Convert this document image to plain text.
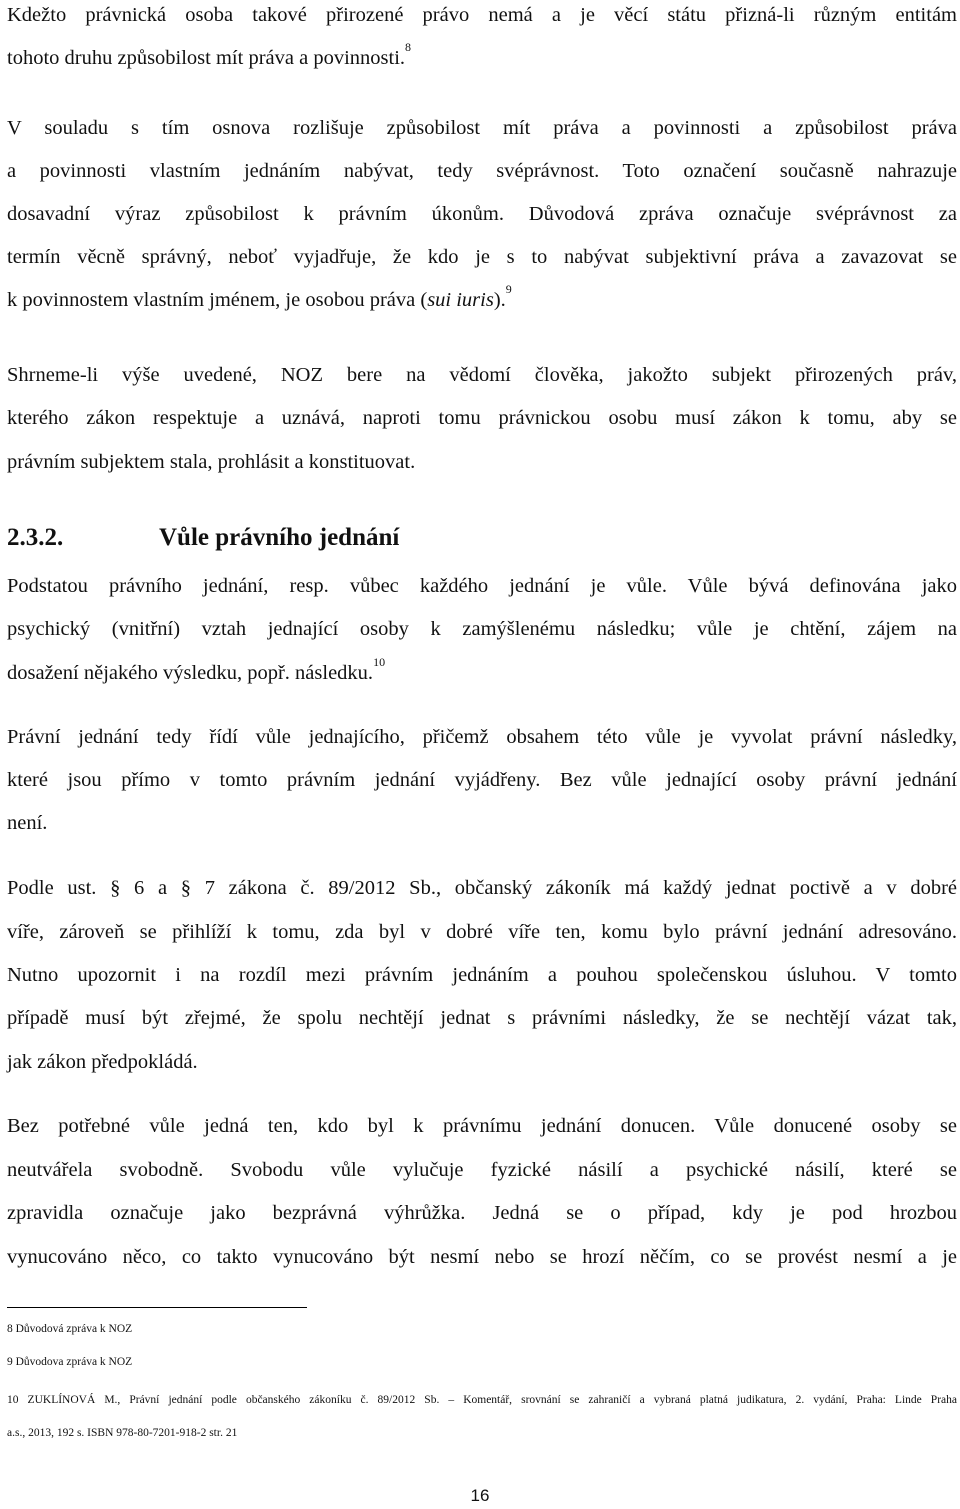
Kdežto právnická osoba takové přirozené právo nemá a je věcí státu přizná-li různým entitám
tohoto druhu způsobilost mít práva a povinnosti.$^8$
V souladu s tím osnova rozlišuje způsobilost mít práva a povinnosti a způsobilost práva
a povinnosti vlastním jednáním nabývat, tedy svéprávnost. Toto označení současně nahrazuje
dosavadní výraz způsobilost k právním úkonům. Důvodová zpráva označuje svéprávnost za
termín věcně správný, neboť vyjadřuje, že kdo je s to nabývat subjektivní práva a zavazovat se
k povinnostem vlastním jménem, je osobou práva (sui iuris).$^9$
Shrneme-li výše uvedené, NOZ bere na vědomí člověka, jakožto subjekt přirozených práv,
kterého zákon respektuje a uznává, naproti tomu právnickou osobu musí zákon k tomu, aby se
právním subjektem stala, prohlásit a konstituovat.
2.3.2.	Vůle právního jednání
Podstatou právního jednání, resp. vůbec každého jednání je vůle. Vůle bývá definována jako
psychický (vnitřní) vztah jednající osoby k zamýšlenému následku; vůle je chtění, zájem na
dosažení nějakého výsledku, popř. následku.$^{10}$
Právní jednání tedy řídí vůle jednajícího, přičemž obsahem této vůle je vyvolat právní následky,
které jsou přímo v tomto právním jednání vyjádřeny. Bez vůle jednající osoby právní jednání
není.
Podle ust. § 6 a § 7 zákona č. 89/2012 Sb., občanský zákoník má každý jednat poctivě a v dobré
víře, zároveň se přihlíží k tomu, zda byl v dobré víře ten, komu bylo právní jednání adresováno.
Nutno upozornit i na rozdíl mezi právním jednáním a pouhou společenskou úsluhou. V tomto
případě musí být zřejmé, že spolu nechtějí jednat s právními následky, že se nechtějí vázat tak,
jak zákon předpokládá.
Bez potřebné vůle jedná ten, kdo byl k právnímu jednání donucen. Vůle donucené osoby se
neutvářela svobodně. Svobodu vůle vylučuje fyzické násilí a psychické násilí, které se
zpravidla označuje jako bezprávná výhrůžka. Jedná se o případ, kdy je pod hrozbou
vynucováno něco, co takto vynucováno být nesmí nebo se hrozí něčím, co se provést nesmí a je
8 Důvodová zpráva k NOZ
9 Důvodova zpráva k NOZ
10 ZUKLÍNOVÁ M., Právní jednání podle občanského zákoníku č. 89/2012 Sb. – Komentář, srovnání se zahraničí a vybraná platná judikatura, 2. vydání, Praha: Linde Praha
a.s., 2013, 192 s. ISBN 978-80-7201-918-2 str. 21
16
